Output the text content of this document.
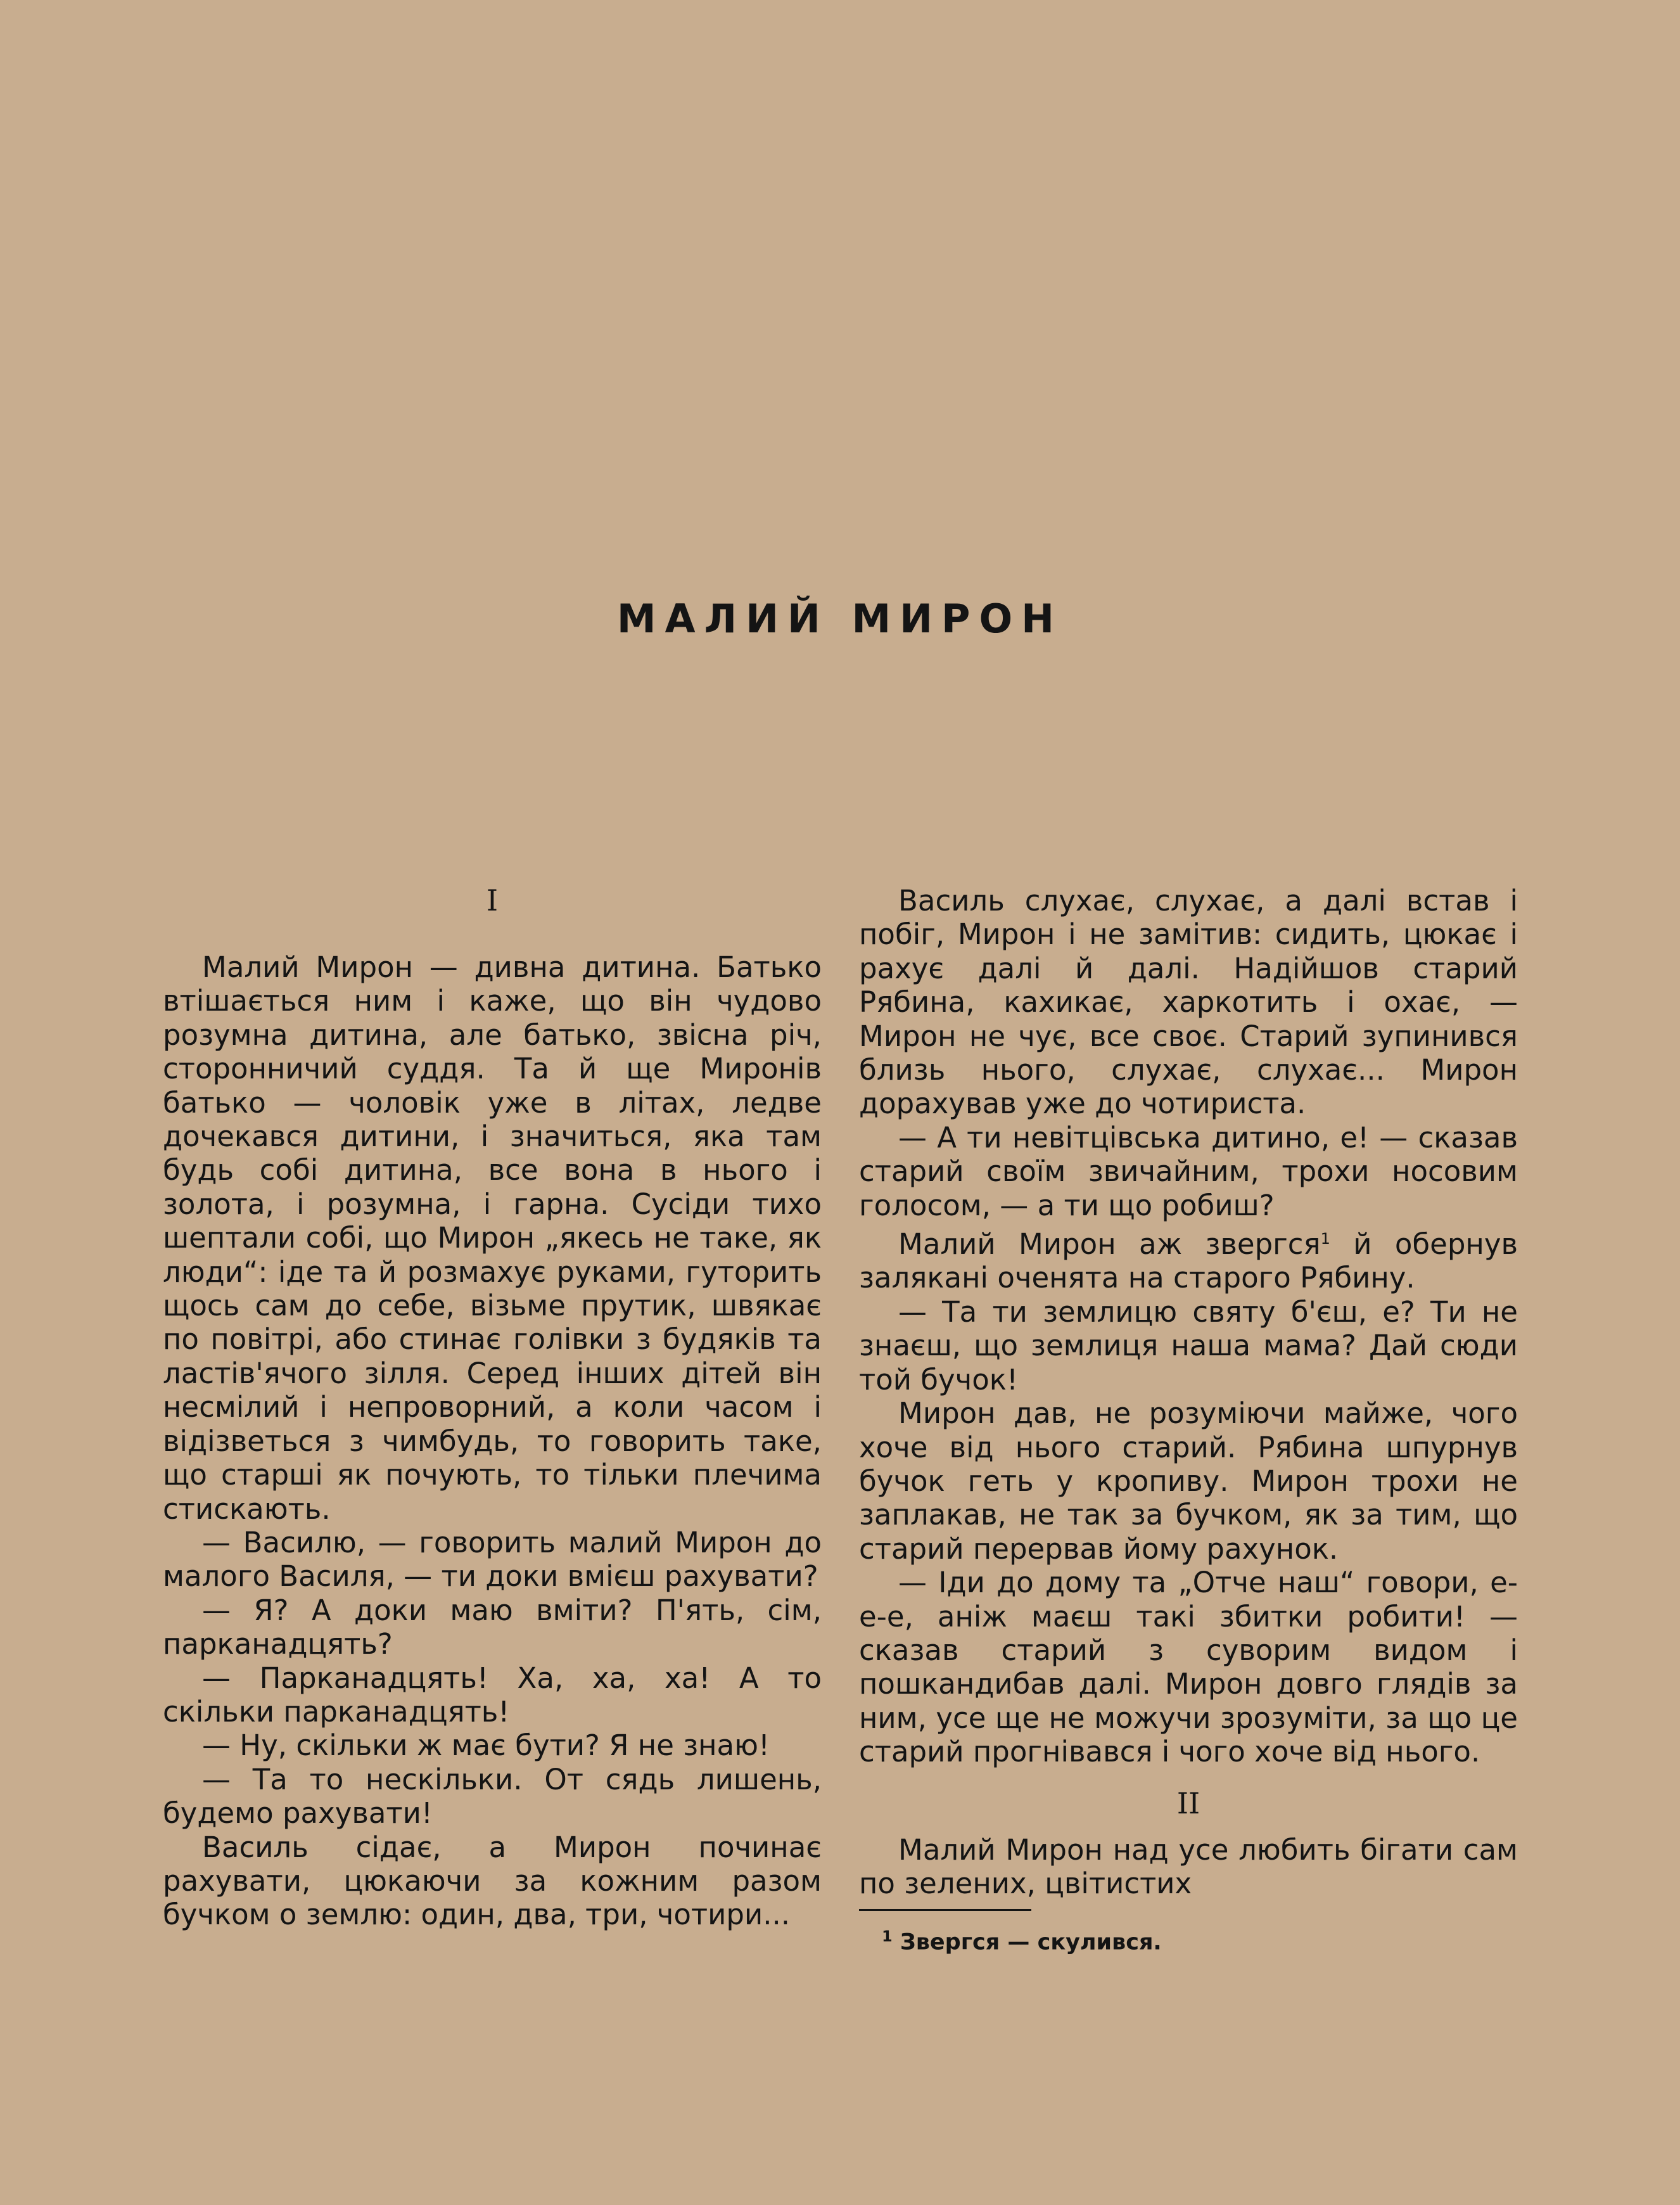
МАЛИЙ МИРОН
I

Малий Мирон — дивна дитина. Батько втішається ним і каже, що він чудово розумна дитина, але батько, звісна річ, сторонничий суддя. Та й ще Миронів батько — чоловік уже в літах, ледве дочекався дитини, і значиться, яка там будь собі дитина, все вона в нього і золота, і розумна, і гарна. Сусіди тихо шептали собі, що Мирон „якесь не таке, як люди“: іде та й розмахує руками, гуторить щось сам до себе, візьме прутик, швякає по повітрі, або стинає голівки з будяків та ластів'ячого зілля. Серед інших дітей він несмілий і непроворний, а коли часом і відізветься з чимбудь, то говорить таке, що старші як почують, то тільки плечима стискають.

— Василю, — говорить малий Мирон до малого Василя, — ти доки вмієш рахувати?

— Я? А доки маю вміти? П'ять, сім, парканадцять?

— Парканадцять! Ха, ха, ха! А то скільки парканадцять!

— Ну, скільки ж має бути? Я не знаю!

— Та то нескільки. От сядь лишень, будемо рахувати!

Василь сідає, а Мирон починає рахувати, цюкаючи за кожним разом бучком о землю: один, два, три, чотири...

Василь слухає, слухає, а далі встав і побіг, Мирон і не замітив: сидить, цюкає і рахує далі й далі. Надійшов старий Рябина, кахикає, харкотить і охає, — Мирон не чує, все своє. Старий зупинився близь нього, слухає, слухає... Мирон дорахував уже до чотириста.

— А ти невітцівська дитино, е! — сказав старий своїм звичайним, трохи носовим голосом, — а ти що робиш?

Малий Мирон аж звергся$^1$ й обернув залякані оченята на старого Рябину.

— Та ти землицю святу б'єш, е? Ти не знаєш, що землиця наша мама? Дай сюди той бучок!

Мирон дав, не розуміючи майже, чого хоче від нього старий. Рябина шпурнув бучок геть у кропиву. Мирон трохи не заплакав, не так за бучком, як за тим, що старий перервав йому рахунок.

— Іди до дому та „Отче наш“ говори, е-е-е, аніж маєш такі збитки робити! — сказав старий з суворим видом і пошкандибав далі. Мирон довго глядів за ним, усе ще не можучи зрозуміти, за що це старий прогнівався і чого хоче від нього.

II

Малий Мирон над усе любить бігати сам по зелених, цвітистих

$^1$ Звергся — скулився.
